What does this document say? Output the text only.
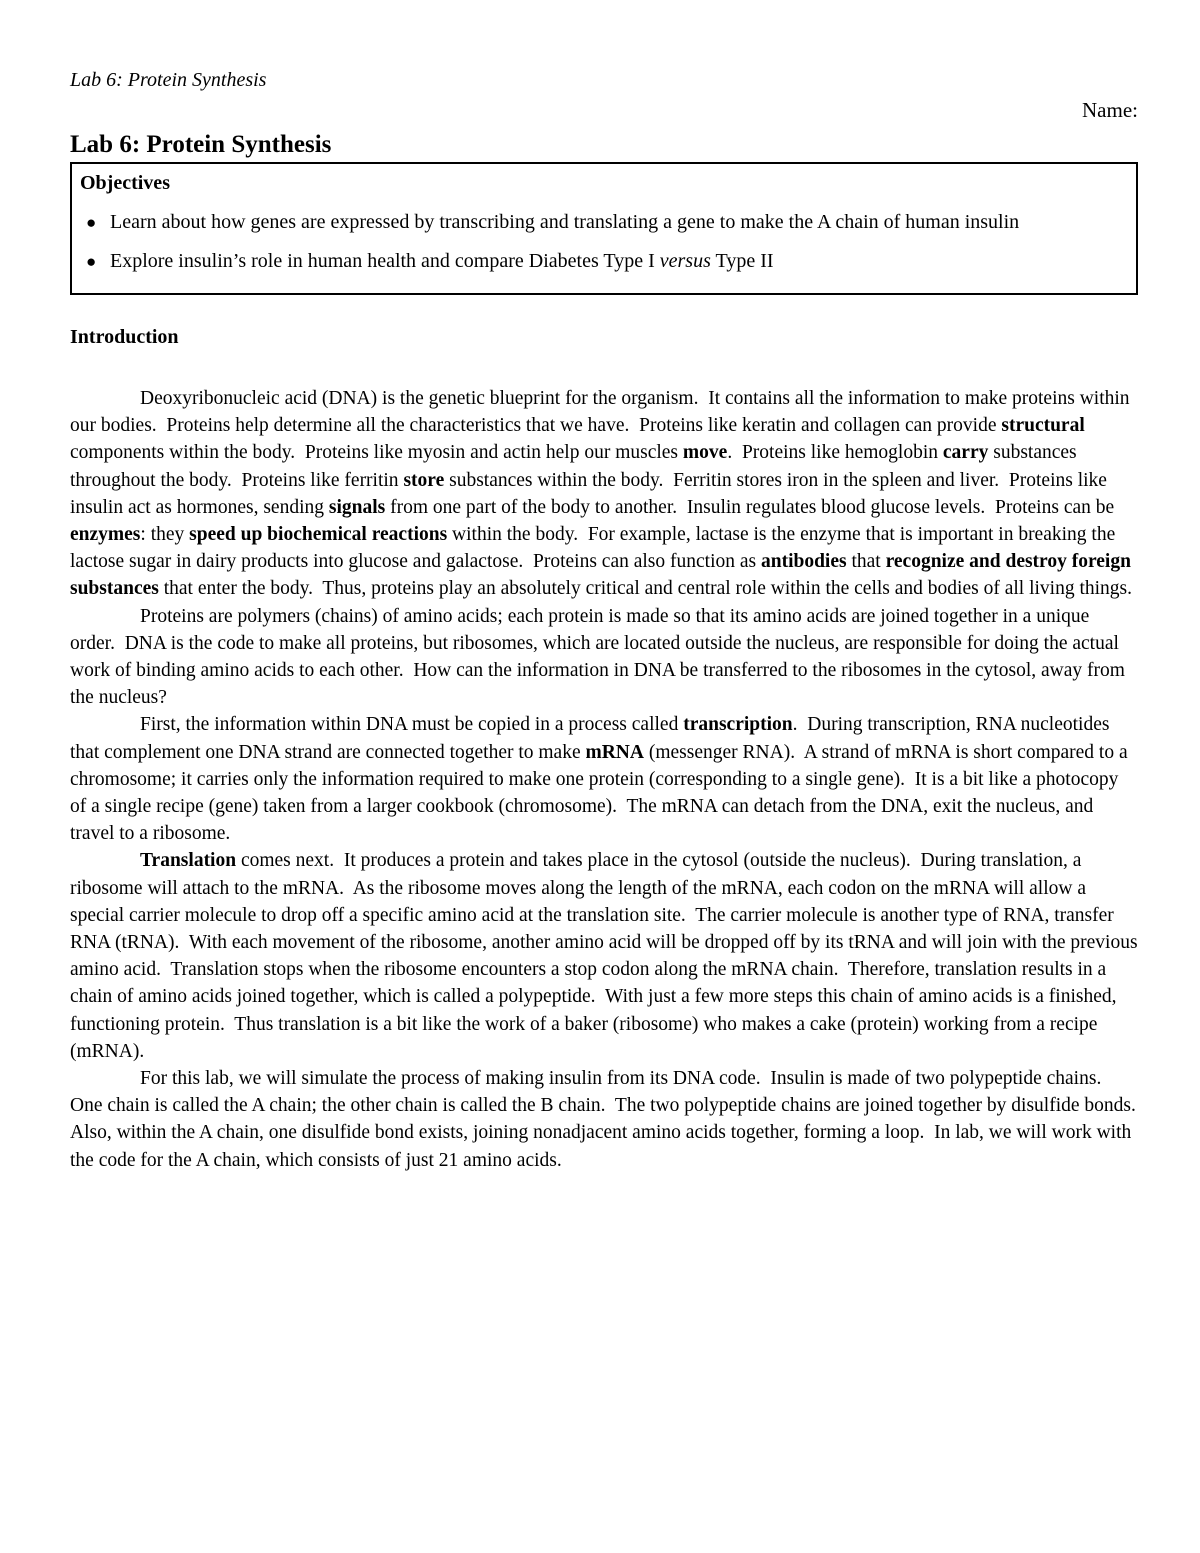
Lab 6: Protein Synthesis
Name:
Lab 6: Protein Synthesis
Objectives
● Learn about how genes are expressed by transcribing and translating a gene to make the A chain of human insulin
● Explore insulin’s role in human health and compare Diabetes Type I versus Type II
Introduction

Deoxyribonucleic acid (DNA) is the genetic blueprint for the organism.  It contains all the information to make proteins within our bodies.  Proteins help determine all the characteristics that we have.  Proteins like keratin and collagen can provide structural components within the body.  Proteins like myosin and actin help our muscles move.  Proteins like hemoglobin carry substances throughout the body.  Proteins like ferritin store substances within the body.  Ferritin stores iron in the spleen and liver.  Proteins like insulin act as hormones, sending signals from one part of the body to another.  Insulin regulates blood glucose levels.  Proteins can be enzymes: they speed up biochemical reactions within the body.  For example, lactase is the enzyme that is important in breaking the lactose sugar in dairy products into glucose and galactose.  Proteins can also function as antibodies that recognize and destroy foreign substances that enter the body.  Thus, proteins play an absolutely critical and central role within the cells and bodies of all living things.

Proteins are polymers (chains) of amino acids; each protein is made so that its amino acids are joined together in a unique order.  DNA is the code to make all proteins, but ribosomes, which are located outside the nucleus, are responsible for doing the actual work of binding amino acids to each other.  How can the information in DNA be transferred to the ribosomes in the cytosol, away from the nucleus?

First, the information within DNA must be copied in a process called transcription.  During transcription, RNA nucleotides that complement one DNA strand are connected together to make mRNA (messenger RNA).  A strand of mRNA is short compared to a chromosome; it carries only the information required to make one protein (corresponding to a single gene).  It is a bit like a photocopy of a single recipe (gene) taken from a larger cookbook (chromosome).  The mRNA can detach from the DNA, exit the nucleus, and travel to a ribosome.

Translation comes next.  It produces a protein and takes place in the cytosol (outside the nucleus).  During translation, a ribosome will attach to the mRNA.  As the ribosome moves along the length of the mRNA, each codon on the mRNA will allow a special carrier molecule to drop off a specific amino acid at the translation site.  The carrier molecule is another type of RNA, transfer RNA (tRNA).  With each movement of the ribosome, another amino acid will be dropped off by its tRNA and will join with the previous amino acid.  Translation stops when the ribosome encounters a stop codon along the mRNA chain.  Therefore, translation results in a chain of amino acids joined together, which is called a polypeptide.  With just a few more steps this chain of amino acids is a finished, functioning protein.  Thus translation is a bit like the work of a baker (ribosome) who makes a cake (protein) working from a recipe (mRNA).

For this lab, we will simulate the process of making insulin from its DNA code.  Insulin is made of two polypeptide chains.  One chain is called the A chain; the other chain is called the B chain.  The two polypeptide chains are joined together by disulfide bonds.  Also, within the A chain, one disulfide bond exists, joining nonadjacent amino acids together, forming a loop.  In lab, we will work with the code for the A chain, which consists of just 21 amino acids.
